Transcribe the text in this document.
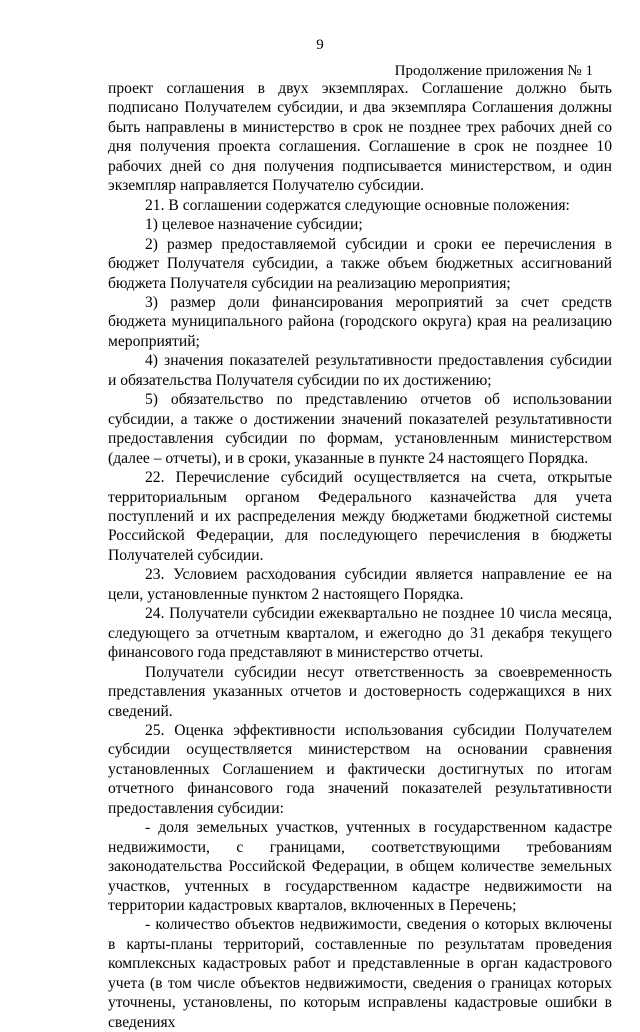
9
Продолжение приложения № 1

проект соглашения в двух экземплярах. Соглашение должно быть подписано Получателем субсидии, и два экземпляра Соглашения должны быть направлены в министерство в срок не позднее трех рабочих дней со дня получения проекта соглашения. Соглашение в срок не позднее 10 рабочих дней со дня получения подписывается министерством, и один экземпляр направляется Получателю субсидии.

21. В соглашении содержатся следующие основные положения:

1) целевое назначение субсидии;

2) размер предоставляемой субсидии и сроки ее перечисления в бюджет Получателя субсидии, а также объем бюджетных ассигнований бюджета Получателя субсидии на реализацию мероприятия;

3) размер доли финансирования мероприятий за счет средств бюджета муниципального района (городского округа) края на реализацию мероприятий;

4) значения показателей результативности предоставления субсидии и обязательства Получателя субсидии по их достижению;

5) обязательство по представлению отчетов об использовании субсидии, а также о достижении значений показателей результативности предоставления субсидии по формам, установленным министерством (далее – отчеты), и в сроки, указанные в пункте 24 настоящего Порядка.

22. Перечисление субсидий осуществляется на счета, открытые территориальным органом Федерального казначейства для учета поступлений и их распределения между бюджетами бюджетной системы Российской Федерации, для последующего перечисления в бюджеты Получателей субсидии.

23. Условием расходования субсидии является направление ее на цели, установленные пунктом 2 настоящего Порядка.

24. Получатели субсидии ежеквартально не позднее 10 числа месяца, следующего за отчетным кварталом, и ежегодно до 31 декабря текущего финансового года представляют в министерство отчеты.

Получатели субсидии несут ответственность за своевременность представления указанных отчетов и достоверность содержащихся в них сведений.

25. Оценка эффективности использования субсидии Получателем субсидии осуществляется министерством на основании сравнения установленных Соглашением и фактически достигнутых по итогам отчетного финансового года значений показателей результативности предоставления субсидии:

- доля земельных участков, учтенных в государственном кадастре недвижимости, с границами, соответствующими требованиям законодательства Российской Федерации, в общем количестве земельных участков, учтенных в государственном кадастре недвижимости на территории кадастровых кварталов, включенных в Перечень;

- количество объектов недвижимости, сведения о которых включены в карты-планы территорий, составленные по результатам проведения комплексных кадастровых работ и представленные в орган кадастрового учета (в том числе объектов недвижимости, сведения о границах которых уточнены, установлены, по которым исправлены кадастровые ошибки в сведениях
